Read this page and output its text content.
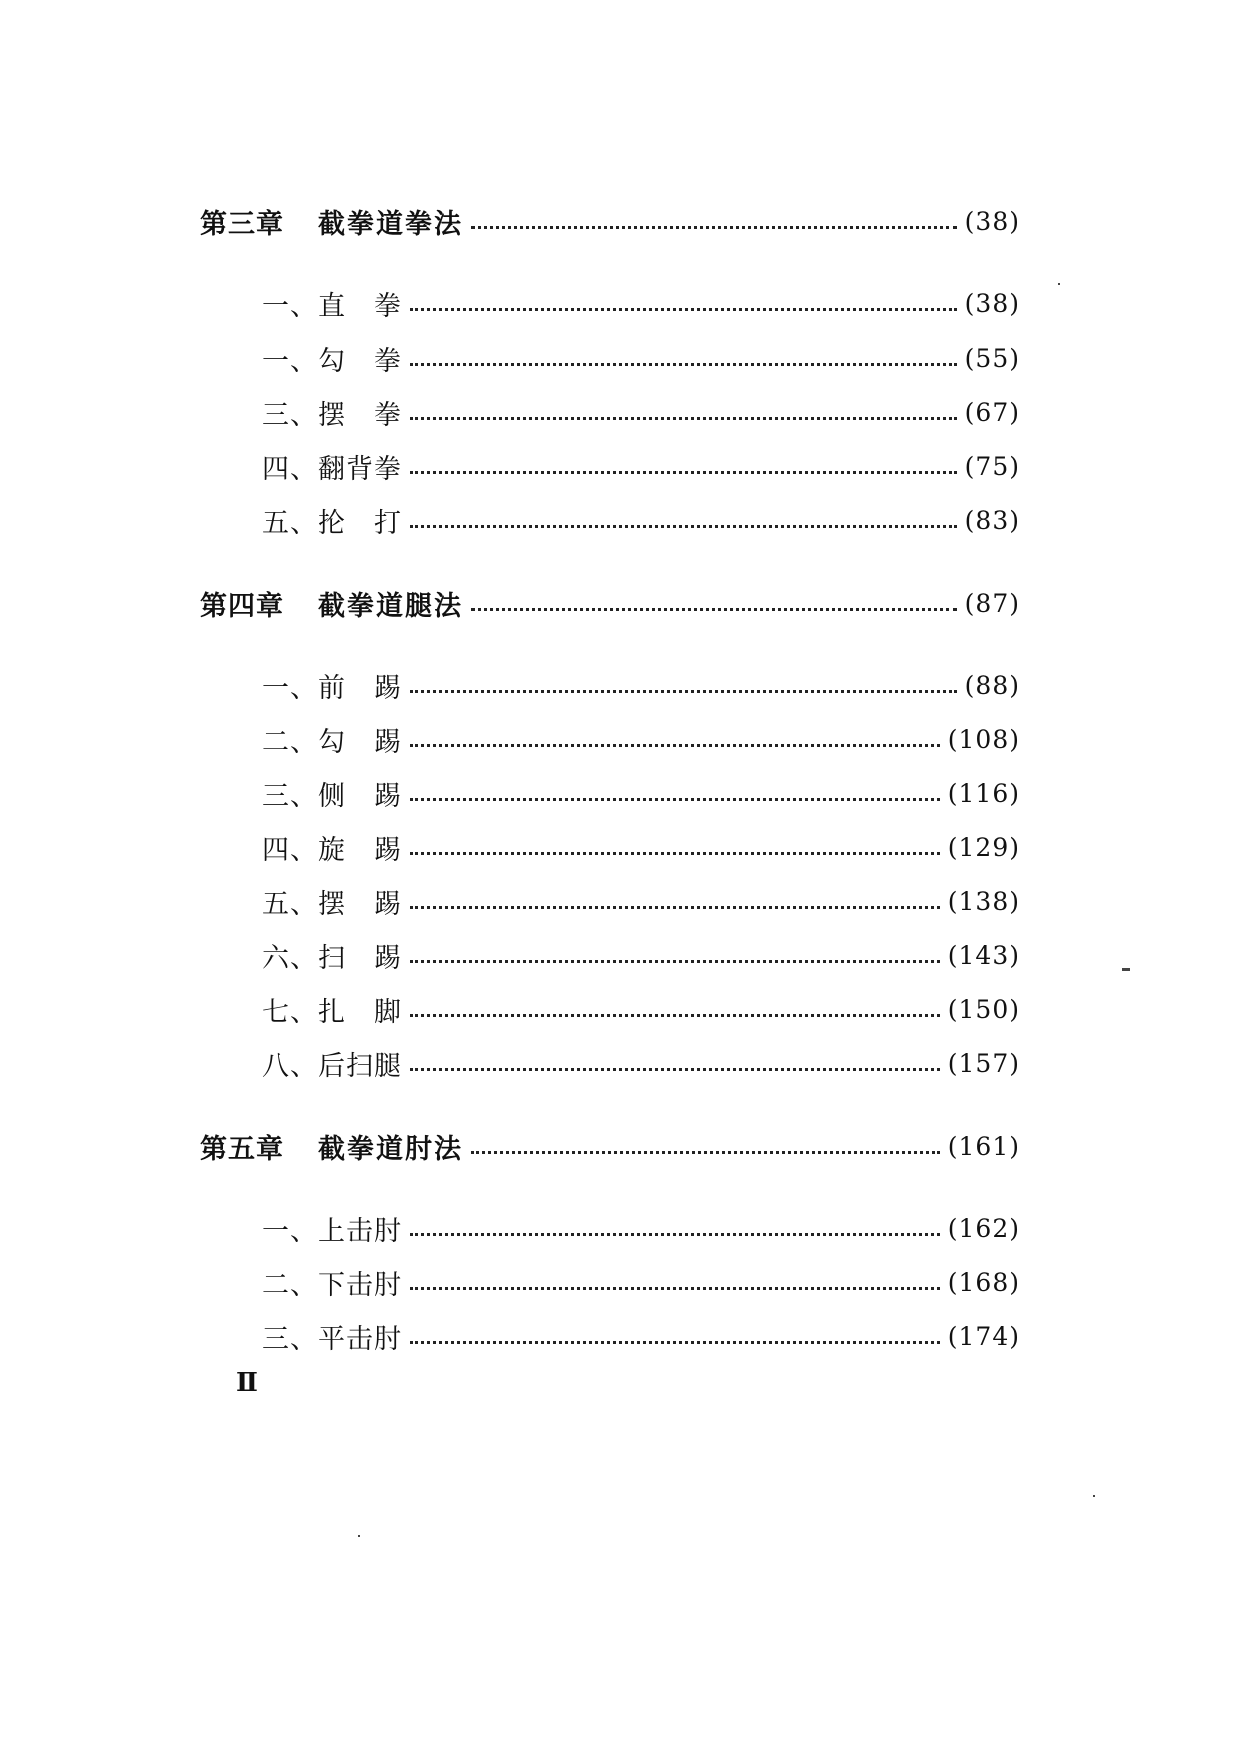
第三章 截拳道拳法	(38)
一、直　拳	(38)
一、勾　拳	(55)
三、摆　拳	(67)
四、翻背拳	(75)
五、抡　打	(83)
第四章 截拳道腿法	(87)
一、前　踢	(88)
二、勾　踢	(108)
三、侧　踢	(116)
四、旋　踢	(129)
五、摆　踢	(138)
六、扫　踢	(143)
七、扎　脚	(150)
八、后扫腿	(157)
第五章 截拳道肘法	(161)
一、上击肘	(162)
二、下击肘	(168)
三、平击肘	(174)
Ⅱ
